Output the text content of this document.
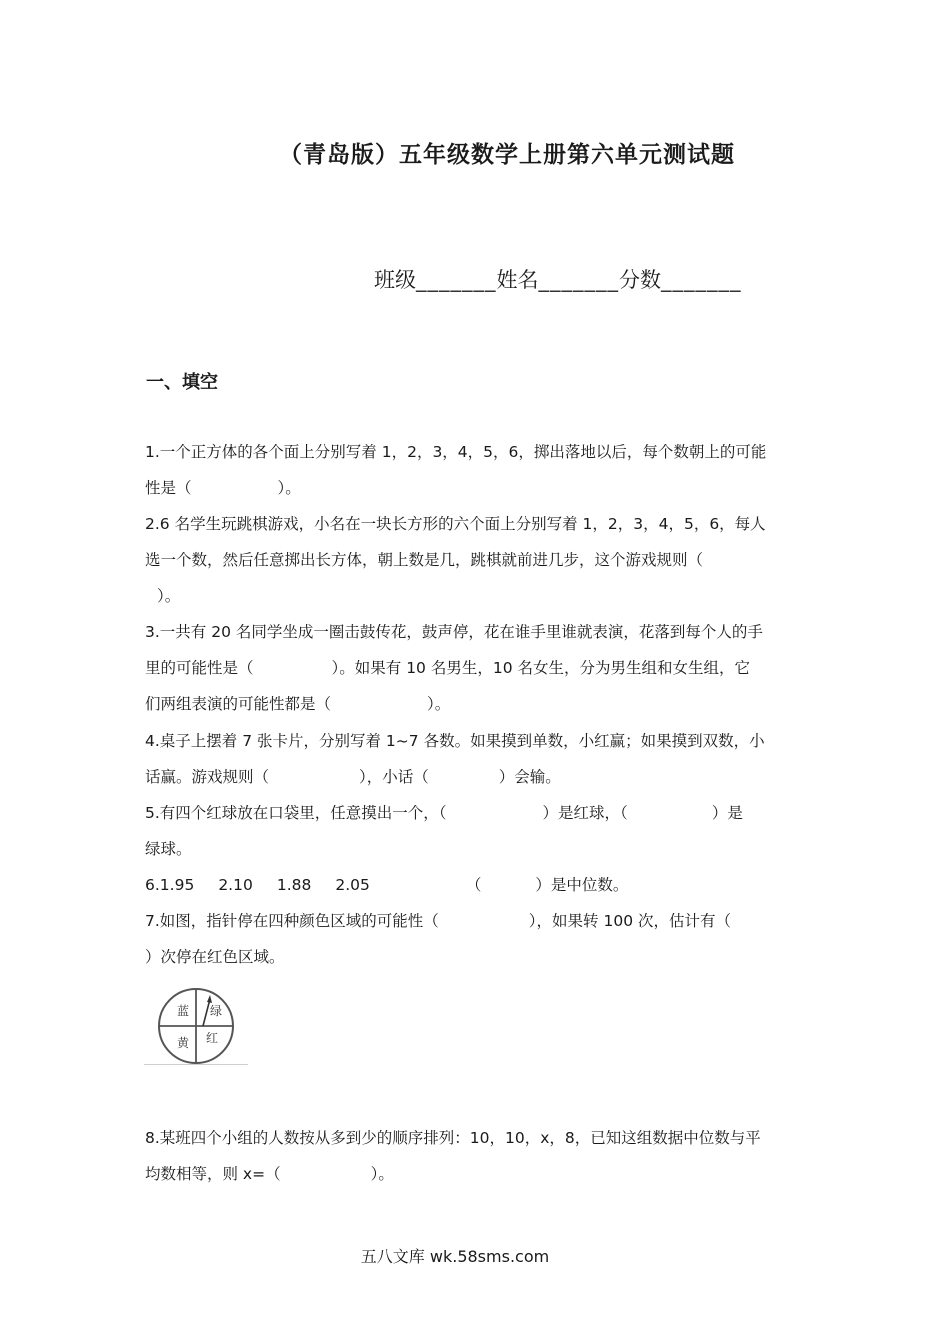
（青岛版）五年级数学上册第六单元测试题
班级_______姓名_______分数_______
一、填空
1.一个正方体的各个面上分别写着 1，2，3，4，5，6，掷出落地以后，每个数朝上的可能
性是（	）。
2.6 名学生玩跳棋游戏，小名在一块长方形的六个面上分别写着 1，2，3，4，5，6，每人
选一个数，然后任意掷出长方体，朝上数是几，跳棋就前进几步，这个游戏规则（
）。
3.一共有 20 名同学坐成一圈击鼓传花，鼓声停，花在谁手里谁就表演，花落到每个人的手
里的可能性是（	）。如果有 10 名男生，10 名女生，分为男生组和女生组，它
们两组表演的可能性都是（	）。
4.桌子上摆着 7 张卡片，分别写着 1~7 各数。如果摸到单数，小红赢；如果摸到双数，小
话赢。游戏规则（	），小话（	）会输。
5.有四个红球放在口袋里，任意摸出一个，（	）是红球，（	）是
绿球。
6.1.95 2.10 1.88 2.05	（	）是中位数。
7.如图，指针停在四种颜色区域的可能性（	），如果转 100 次，估计有（
）次停在红色区域。
蓝 绿
黄 红
8.某班四个小组的人数按从多到少的顺序排列：10，10，x，8，已知这组数据中位数与平
均数相等，则 x=（	）。
五八文库 wk.58sms.com
